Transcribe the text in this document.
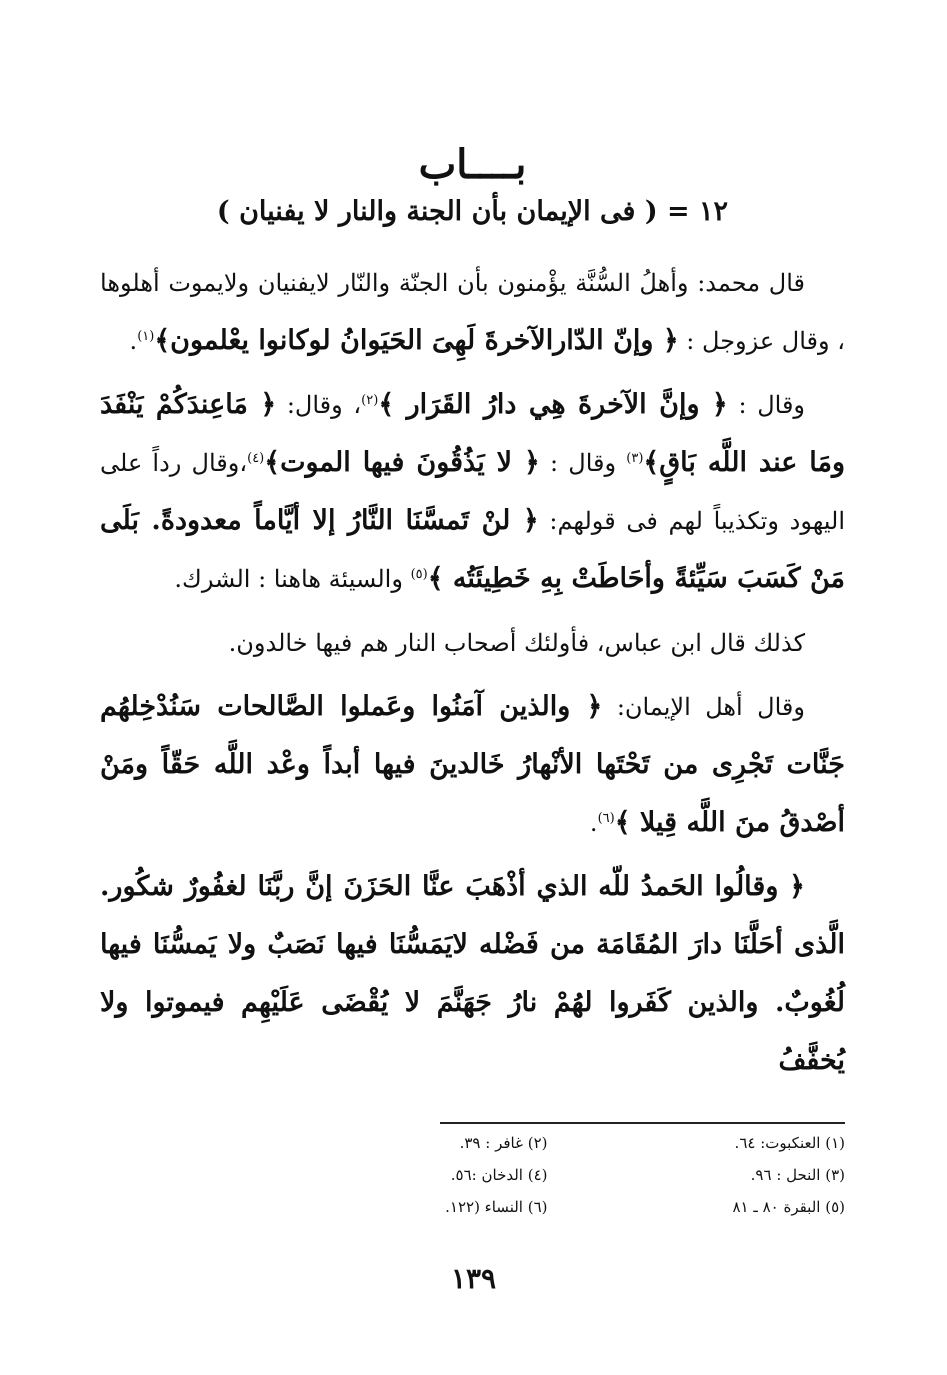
بــــاب
١٢ = ( فى الإيمان بأن الجنة والنار لا يفنيان )

قال محمد: وأهلُ السُّنَّة يؤْمنون بأن الجنّة والنّار لايفنيان ولايموت أهلوها ، وقال عزوجل : ﴿ وإنّ الدّارالآخرةَ لَهِىَ الحَيَوانُ لوكانوا يعْلمون﴾$^{(١)}$.

وقال : ﴿ وإنَّ الآخرةَ هِي دارُ القَرَار ﴾$^{(٢)}$، وقال: ﴿ مَاعِندَكُمْ يَنْفَدَ ومَا عند اللَّه بَاقٍ﴾$^{(٣)}$ وقال : ﴿ لا يَذُقُونَ فيها الموت﴾$^{(٤)}$،وقال رداً على اليهود وتكذيباً لهم فى قولهم: ﴿ لنْ تَمسَّنَا النَّارُ إلا أيَّاماً معدودةً. بَلَى مَنْ كَسَبَ سَيِّئةً وأحَاطَتْ بِهِ خَطِيئَتُه ﴾$^{(٥)}$ والسيئة هاهنا : الشرك.

كذلك قال ابن عباس، فأولئك أصحاب النار هم فيها خالدون.

وقال أهل الإيمان: ﴿ والذين آمَنُوا وعَملوا الصَّالحات سَنُدْخِلهُم جَنَّات تَجْرِى من تَحْتَها الأنْهارُ خَالدينَ فيها أبداً وعْد اللَّه حَقّاً ومَنْ أصْدقُ منَ اللَّه قِيلا ﴾$^{(٦)}$.

﴿ وقالُوا الحَمدُ للّه الذي أذْهَبَ عنَّا الحَزَنَ إنَّ ربَّنَا لغفُورٌ شكُور. الَّذى أحَلَّنَا دارَ المُقَامَة من فَضْله لايَمَسُّنَا فيها نَصَبٌ ولا يَمسُّنَا فيها لُغُوبٌ. والذين كَفَروا لهُمْ نارُ جَهَنَّمَ لا يُقْضَى عَلَيْهِم فيموتوا ولا يُخفَّفُ

(١) العنكبوت: ٦٤.
(٢) غافر : ٣٩.
(٣) النحل : ٩٦.
(٤) الدخان :٥٦.
(٥) البقرة ٨٠ ـ ٨١
(٦) النساء (١٢٢.
١٣٩
